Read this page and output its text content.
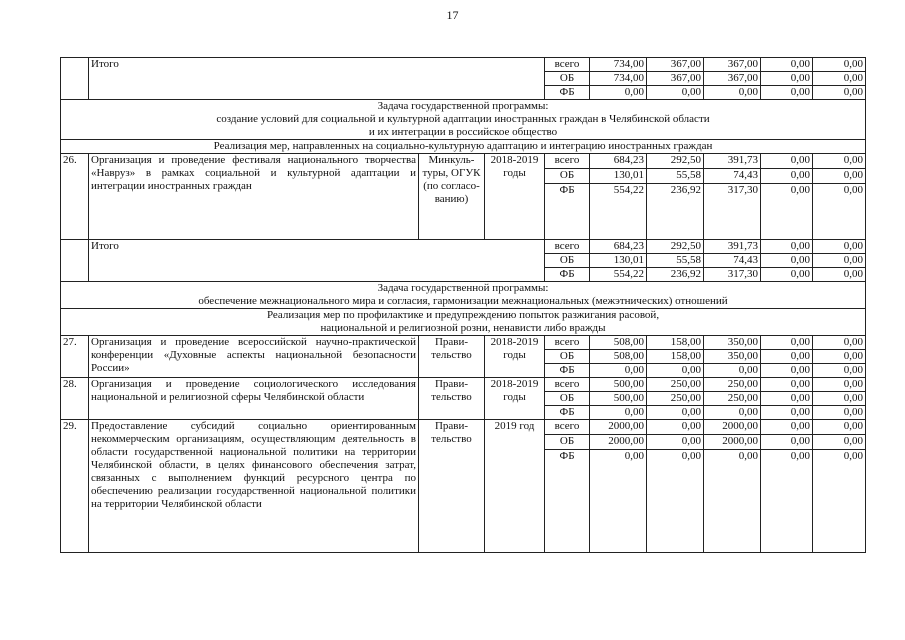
17
	Итого			всего	734,00	367,00	367,00	0,00	0,00
				ОБ	734,00	367,00	367,00	0,00	0,00
				ФБ	0,00	0,00	0,00	0,00	0,00

Задача государственной программы:
создание условий для социальной и культурной адаптации иностранных граждан в Челябинской области
и их интеграции в российское общество									

Реализация мер, направленных на социально-культурную адаптацию и интеграцию иностранных граждан									

26.	Организация и проведение фестиваля национального творчества «Навруз» в рамках социальной и культурной адаптации и интеграции иностранных граждан	Минкуль-туры, ОГУК (по согласо-ванию)	2018-2019 годы	всего	684,23	292,50	391,73	0,00	0,00
				ОБ	130,01	55,58	74,43	0,00	0,00
				ФБ	554,22	236,92	317,30	0,00	0,00
	Итого			всего	684,23	292,50	391,73	0,00	0,00
				ОБ	130,01	55,58	74,43	0,00	0,00
				ФБ	554,22	236,92	317,30	0,00	0,00

Задача государственной программы:
обеспечение межнационального мира и согласия, гармонизации межнациональных (межэтнических) отношений									

Реализация мер по профилактике и предупреждению попыток разжигания расовой,
национальной и религиозной розни, ненависти либо вражды									

27.	Организация и проведение всероссийской научно-практической конференции «Духовные аспекты национальной безопасности России»	Прави-тельство	2018-2019 годы	всего	508,00	158,00	350,00	0,00	0,00
				ОБ	508,00	158,00	350,00	0,00	0,00
				ФБ	0,00	0,00	0,00	0,00	0,00
28.	Организация и проведение социологического исследования национальной и религиозной сферы Челябинской области	Прави-тельство	2018-2019 годы	всего	500,00	250,00	250,00	0,00	0,00
				ОБ	500,00	250,00	250,00	0,00	0,00
				ФБ	0,00	0,00	0,00	0,00	0,00
29.	Предоставление субсидий социально ориентированным некоммерческим организациям, осуществляющим деятельность в области государственной национальной политики на территории Челябинской области, в целях финансового обеспечения затрат, связанных с выполнением функций ресурсного центра по обеспечению реализации государственной национальной политики на территории Челябинской области	Прави-тельство	2019 год	всего	2000,00	0,00	2000,00	0,00	0,00
				ОБ	2000,00	0,00	2000,00	0,00	0,00
				ФБ	0,00	0,00	0,00	0,00	0,00
